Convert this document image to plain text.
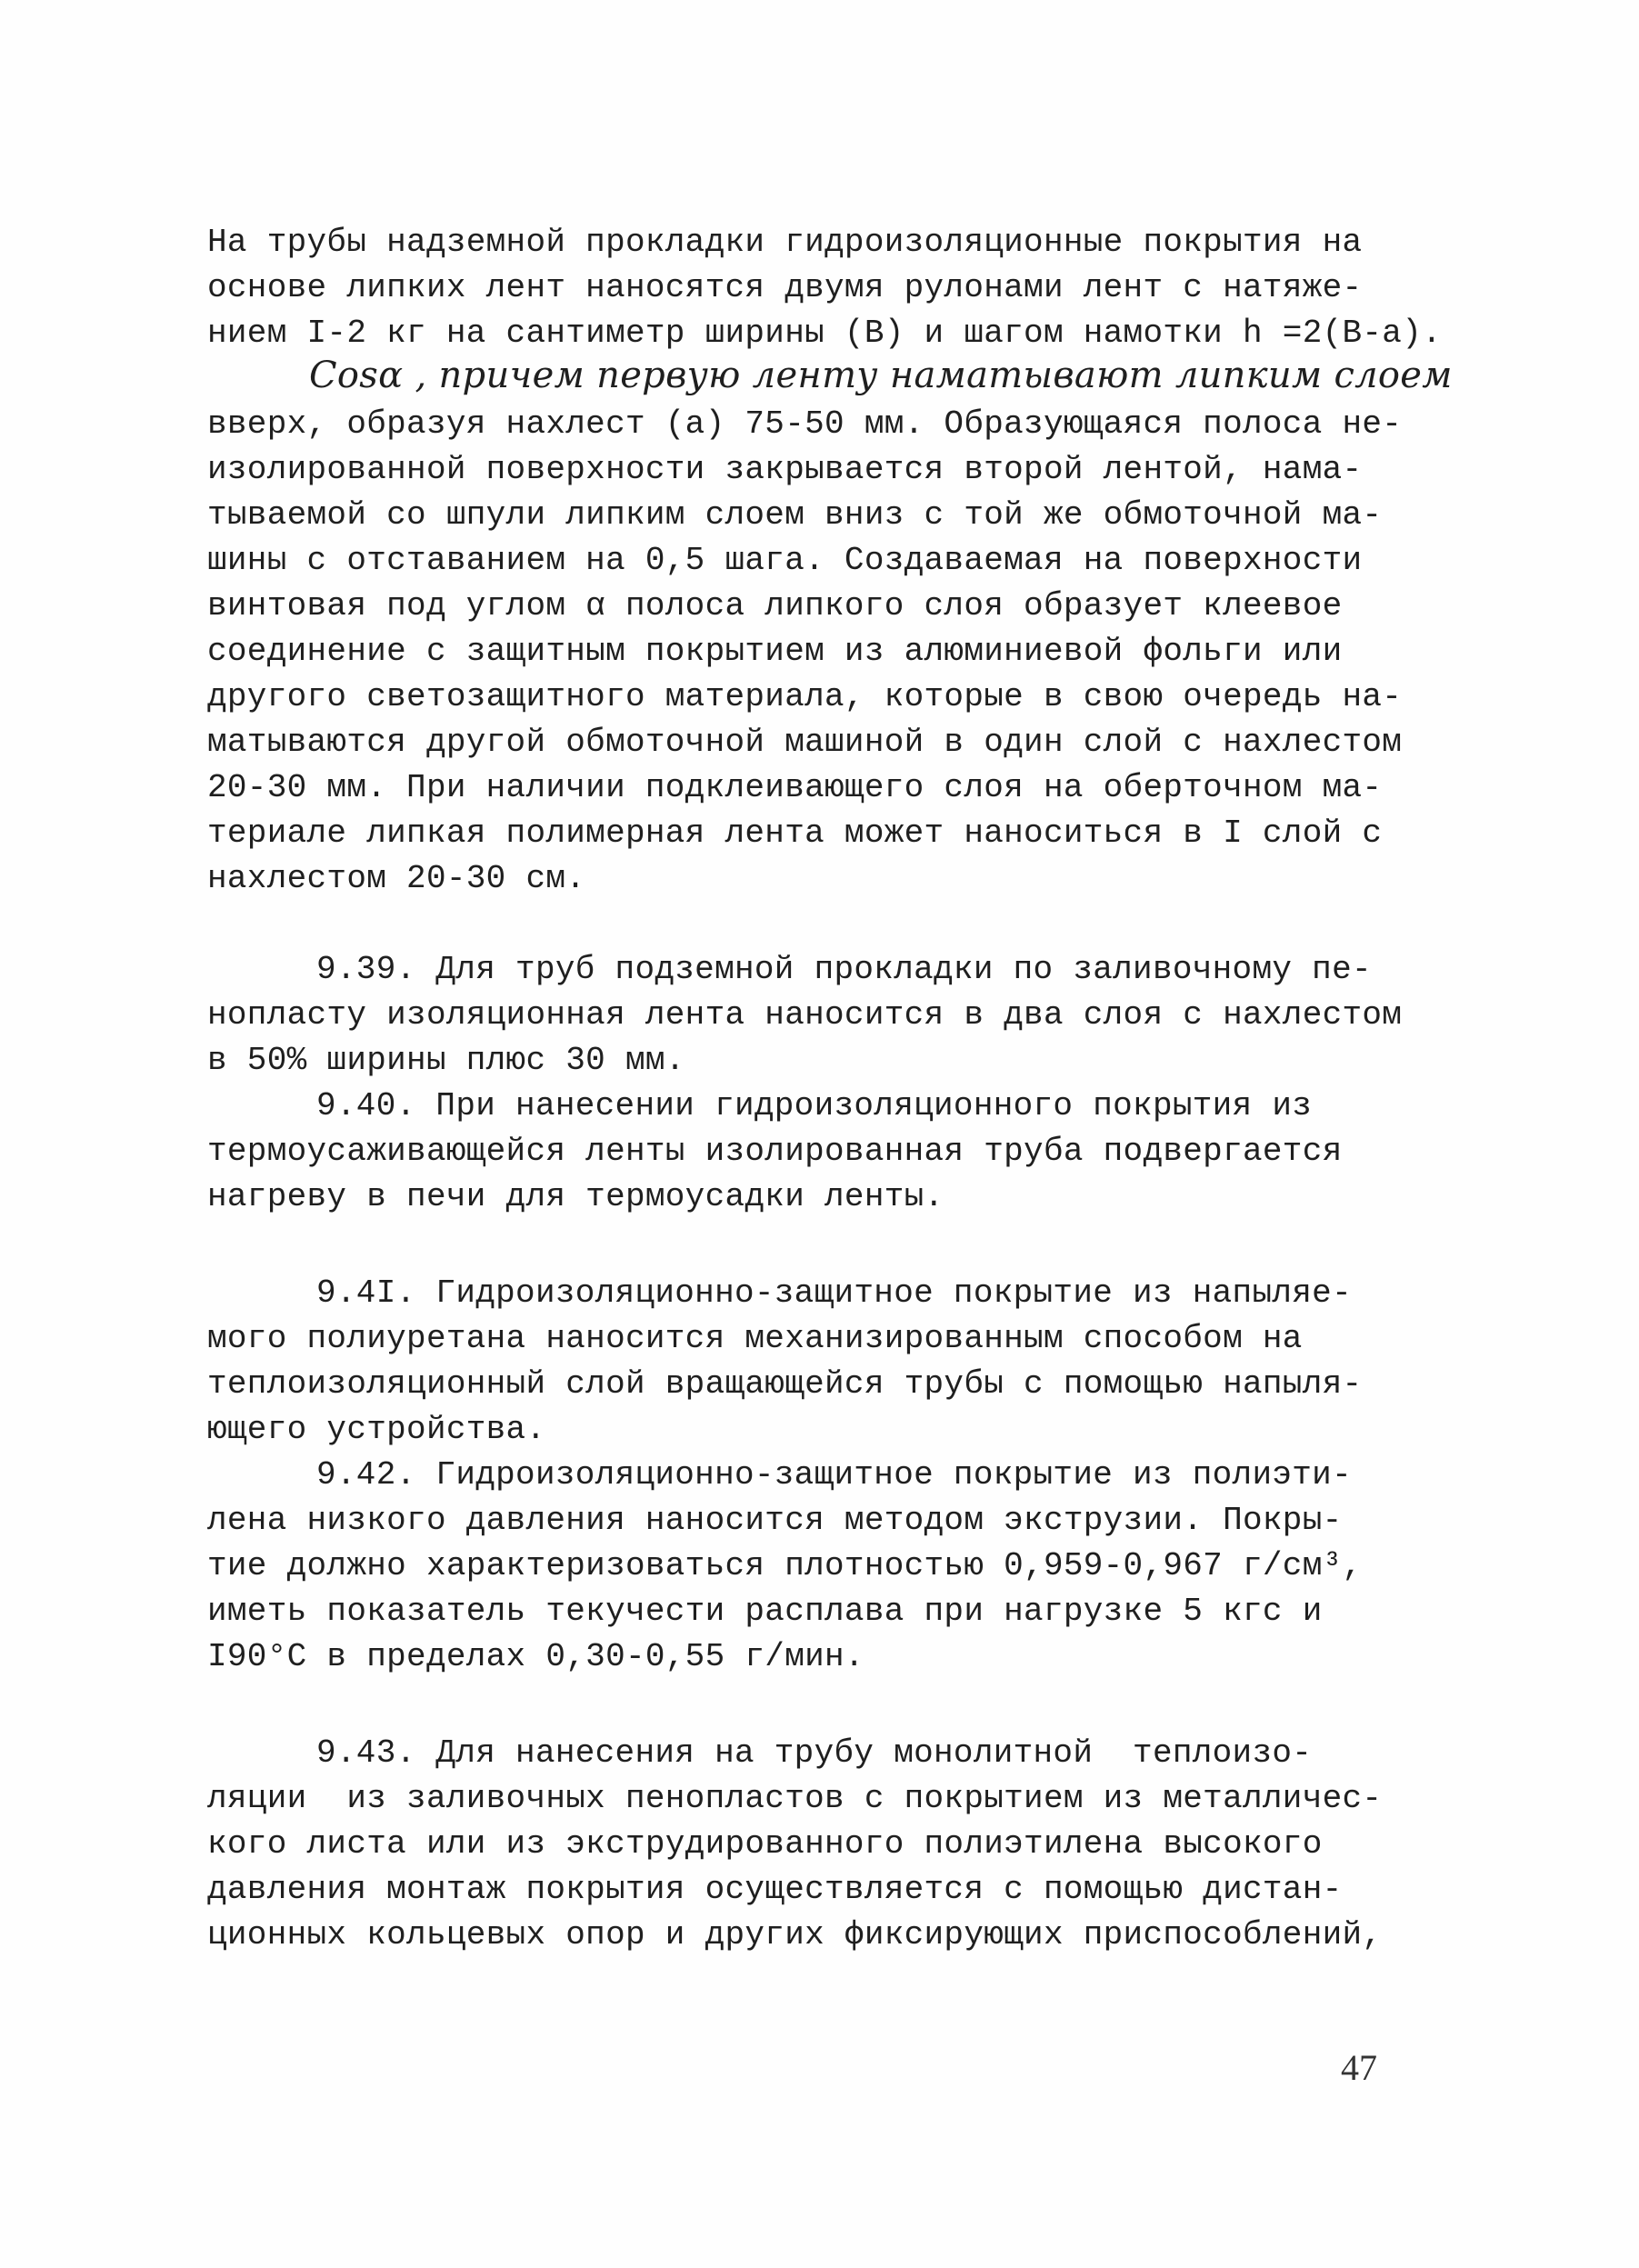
На трубы надземной прокладки гидроизоляционные покрытия на
основе липких лент наносятся двумя рулонами лент с натяже-
нием I-2 кг на сантиметр ширины (В) и шагом намотки h =2(B-a).
Cosα , причем первую ленту наматывают липким слоем
вверх, образуя нахлест (а) 75-50 мм. Образующаяся полоса не-
изолированной поверхности закрывается второй лентой, нама-
тываемой со шпули липким слоем вниз с той же обмоточной ма-
шины с отставанием на 0,5 шага. Создаваемая на поверхности
винтовая под углом α полоса липкого слоя образует клеевое
соединение с защитным покрытием из алюминиевой фольги или
другого светозащитного материала, которые в свою очередь на-
матываются другой обмоточной машиной в один слой с нахлестом
20-30 мм. При наличии подклеивающего слоя на оберточном ма-
териале липкая полимерная лента может наноситься в I слой с
нахлестом 20-30 см.
9.39. Для труб подземной прокладки по заливочному пе-
нопласту изоляционная лента наносится в два слоя с нахлестом
в 50% ширины плюс 30 мм.
9.40. При нанесении гидроизоляционного покрытия из
термоусаживающейся ленты изолированная труба подвергается
нагреву в печи для термоусадки ленты.
9.4I. Гидроизоляционно-защитное покрытие из напыляе-
мого полиуретана наносится механизированным способом на
теплоизоляционный слой вращающейся трубы с помощью напыля-
ющего устройства.
9.42. Гидроизоляционно-защитное покрытие из полиэти-
лена низкого давления наносится методом экструзии. Покры-
тие должно характеризоваться плотностью 0,959-0,967 г/см³,
иметь показатель текучести расплава при нагрузке 5 кгс и
I90°C в пределах 0,30-0,55 г/мин.
9.43. Для нанесения на трубу монолитной  теплоизо-
ляции  из заливочных пенопластов с покрытием из металличес-
кого листа или из экструдированного полиэтилена высокого
давления монтаж покрытия осуществляется с помощью дистан-
ционных кольцевых опор и других фиксирующих приспособлений,
47
